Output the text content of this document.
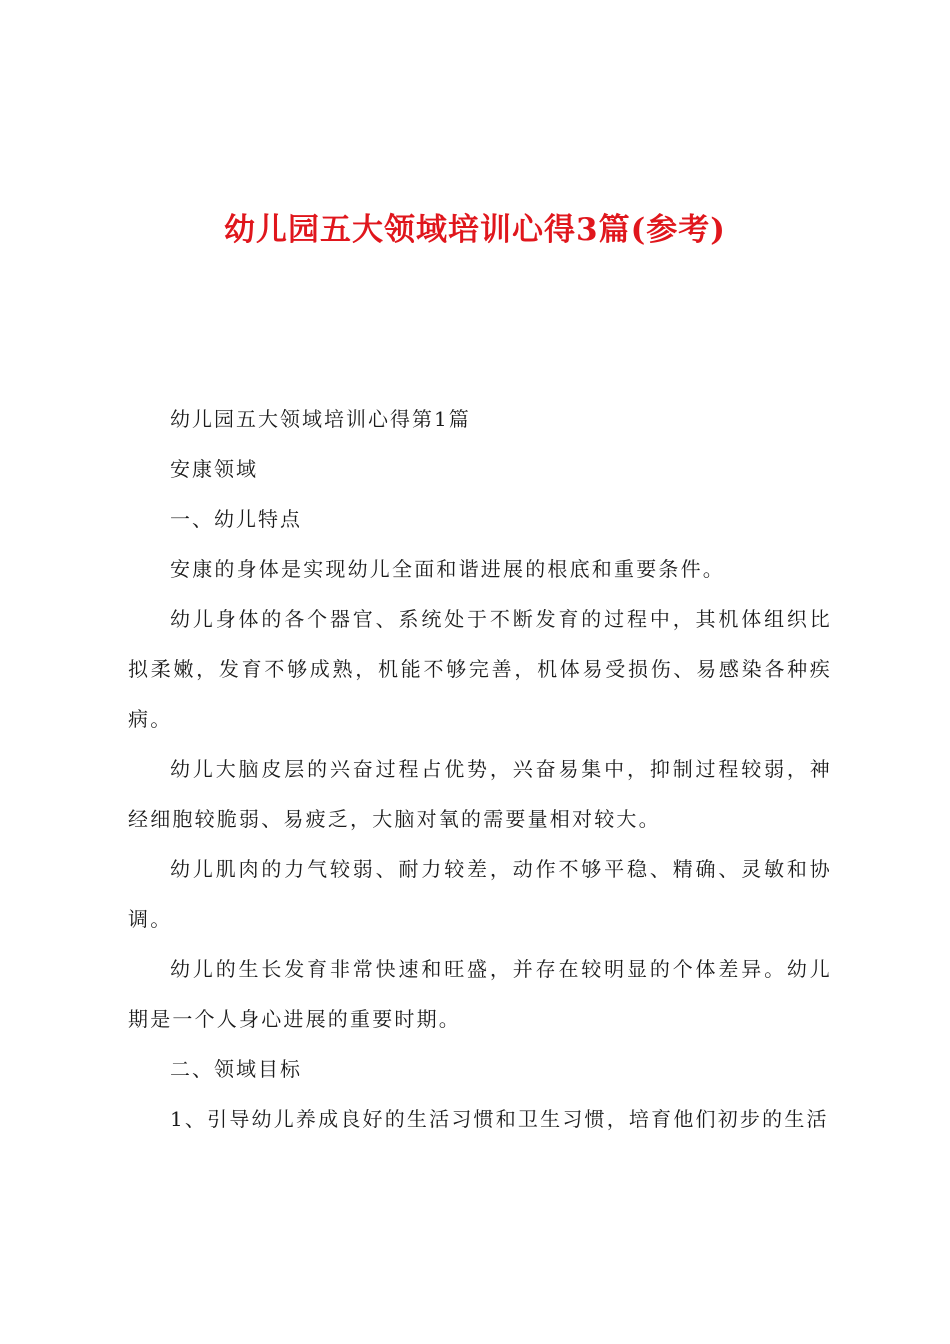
幼儿园五大领域培训心得3篇(参考)

幼儿园五大领域培训心得第1篇

安康领域

一、幼儿特点

安康的身体是实现幼儿全面和谐进展的根底和重要条件。

幼儿身体的各个器官、系统处于不断发育的过程中，其机体组织比拟柔嫩，发育不够成熟，机能不够完善，机体易受损伤、易感染各种疾病。

幼儿大脑皮层的兴奋过程占优势，兴奋易集中，抑制过程较弱，神经细胞较脆弱、易疲乏，大脑对氧的需要量相对较大。

幼儿肌肉的力气较弱、耐力较差，动作不够平稳、精确、灵敏和协调。

幼儿的生长发育非常快速和旺盛，并存在较明显的个体差异。幼儿期是一个人身心进展的重要时期。

二、领域目标

1、引导幼儿养成良好的生活习惯和卫生习惯，培育他们初步的生活
